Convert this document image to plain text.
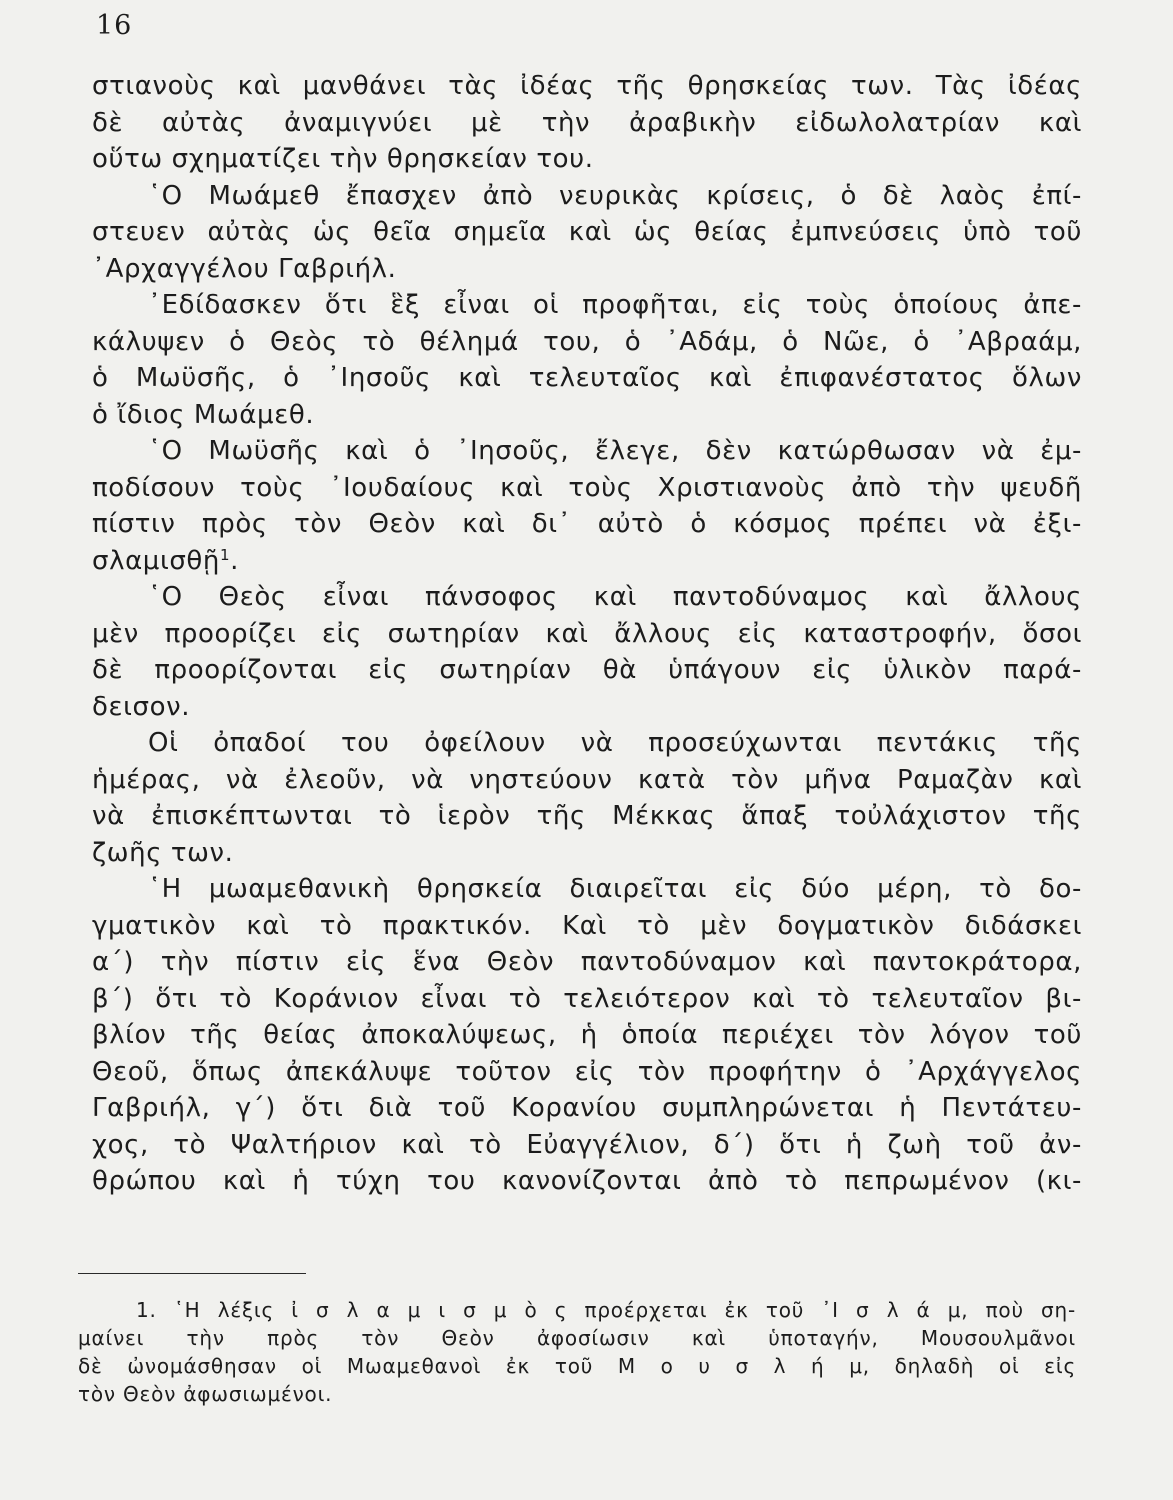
16
στιανοὺς καὶ μανθάνει τὰς ἰδέας τῆς θρησκείας των. Τὰς ἰδέας
δὲ αὐτὰς ἀναμιγνύει μὲ τὴν ἀραβικὴν εἰδωλολατρίαν καὶ
οὕτω σχηματίζει τὴν θρησκείαν του.
῾Ο Μωάμεθ ἔπασχεν ἀπὸ νευρικὰς κρίσεις, ὁ δὲ λαὸς ἐπί-
στευεν αὐτὰς ὡς θεῖα σημεῖα καὶ ὡς θείας ἐμπνεύσεις ὑπὸ τοῦ
᾿Αρχαγγέλου Γαβριήλ.
᾿Εδίδασκεν ὅτι ἓξ εἶναι οἱ προφῆται, εἰς τοὺς ὁποίους ἀπε-
κάλυψεν ὁ Θεὸς τὸ θέλημά του, ὁ ᾿Αδάμ, ὁ Νῶε, ὁ ᾿Αβραάμ,
ὁ Μωϋσῆς, ὁ ᾿Ιησοῦς καὶ τελευταῖος καὶ ἐπιφανέστατος ὅλων
ὁ ἴδιος Μωάμεθ.
῾Ο Μωϋσῆς καὶ ὁ ᾿Ιησοῦς, ἔλεγε, δὲν κατώρθωσαν νὰ ἐμ-
ποδίσουν τοὺς ᾿Ιουδαίους καὶ τοὺς Χριστιανοὺς ἀπὸ τὴν ψευδῆ
πίστιν πρὸς τὸν Θεὸν καὶ δι᾿ αὐτὸ ὁ κόσμος πρέπει νὰ ἐξι-
σλαμισθῇ$^1$.
῾Ο Θεὸς εἶναι πάνσοφος καὶ παντοδύναμος καὶ ἄλλους
μὲν προορίζει εἰς σωτηρίαν καὶ ἄλλους εἰς καταστροφήν, ὅσοι
δὲ προορίζονται εἰς σωτηρίαν θὰ ὑπάγουν εἰς ὑλικὸν παρά-
δεισον.
Οἱ ὀπαδοί του ὀφείλουν νὰ προσεύχωνται πεντάκις τῆς
ἡμέρας, νὰ ἐλεοῦν, νὰ νηστεύουν κατὰ τὸν μῆνα Ραμαζὰν καὶ
νὰ ἐπισκέπτωνται τὸ ἱερὸν τῆς Μέκκας ἅπαξ τοὐλάχιστον τῆς
ζωῆς των.
῾Η μωαμεθανικὴ θρησκεία διαιρεῖται εἰς δύο μέρη, τὸ δο-
γματικὸν καὶ τὸ πρακτικόν. Καὶ τὸ μὲν δογματικὸν διδάσκει
α´) τὴν πίστιν εἰς ἕνα Θεὸν παντοδύναμον καὶ παντοκράτορα,
β´) ὅτι τὸ Κοράνιον εἶναι τὸ τελειότερον καὶ τὸ τελευταῖον βι-
βλίον τῆς θείας ἀποκαλύψεως, ἡ ὁποία περιέχει τὸν λόγον τοῦ
Θεοῦ, ὅπως ἀπεκάλυψε τοῦτον εἰς τὸν προφήτην ὁ ᾿Αρχάγγελος
Γαβριήλ, γ´) ὅτι διὰ τοῦ Κορανίου συμπληρώνεται ἡ Πεντάτευ-
χος, τὸ Ψαλτήριον καὶ τὸ Εὐαγγέλιον, δ´) ὅτι ἡ ζωὴ τοῦ ἀν-
θρώπου καὶ ἡ τύχη του κανονίζονται ἀπὸ τὸ πεπρωμένον (κι-
1. ῾Η λέξις ἰ σ λ α μ ι σ μ ὸ ς προέρχεται ἐκ τοῦ ᾿Ι σ λ ά μ, ποὺ ση-
μαίνει τὴν πρὸς τὸν Θεὸν ἀφοσίωσιν καὶ ὑποταγήν, Μουσουλμᾶνοι
δὲ ὠνομάσθησαν οἱ Μωαμεθανοὶ ἐκ τοῦ Μ ο υ σ λ ή μ, δηλαδὴ οἱ εἰς
τὸν Θεὸν ἀφωσιωμένοι.
